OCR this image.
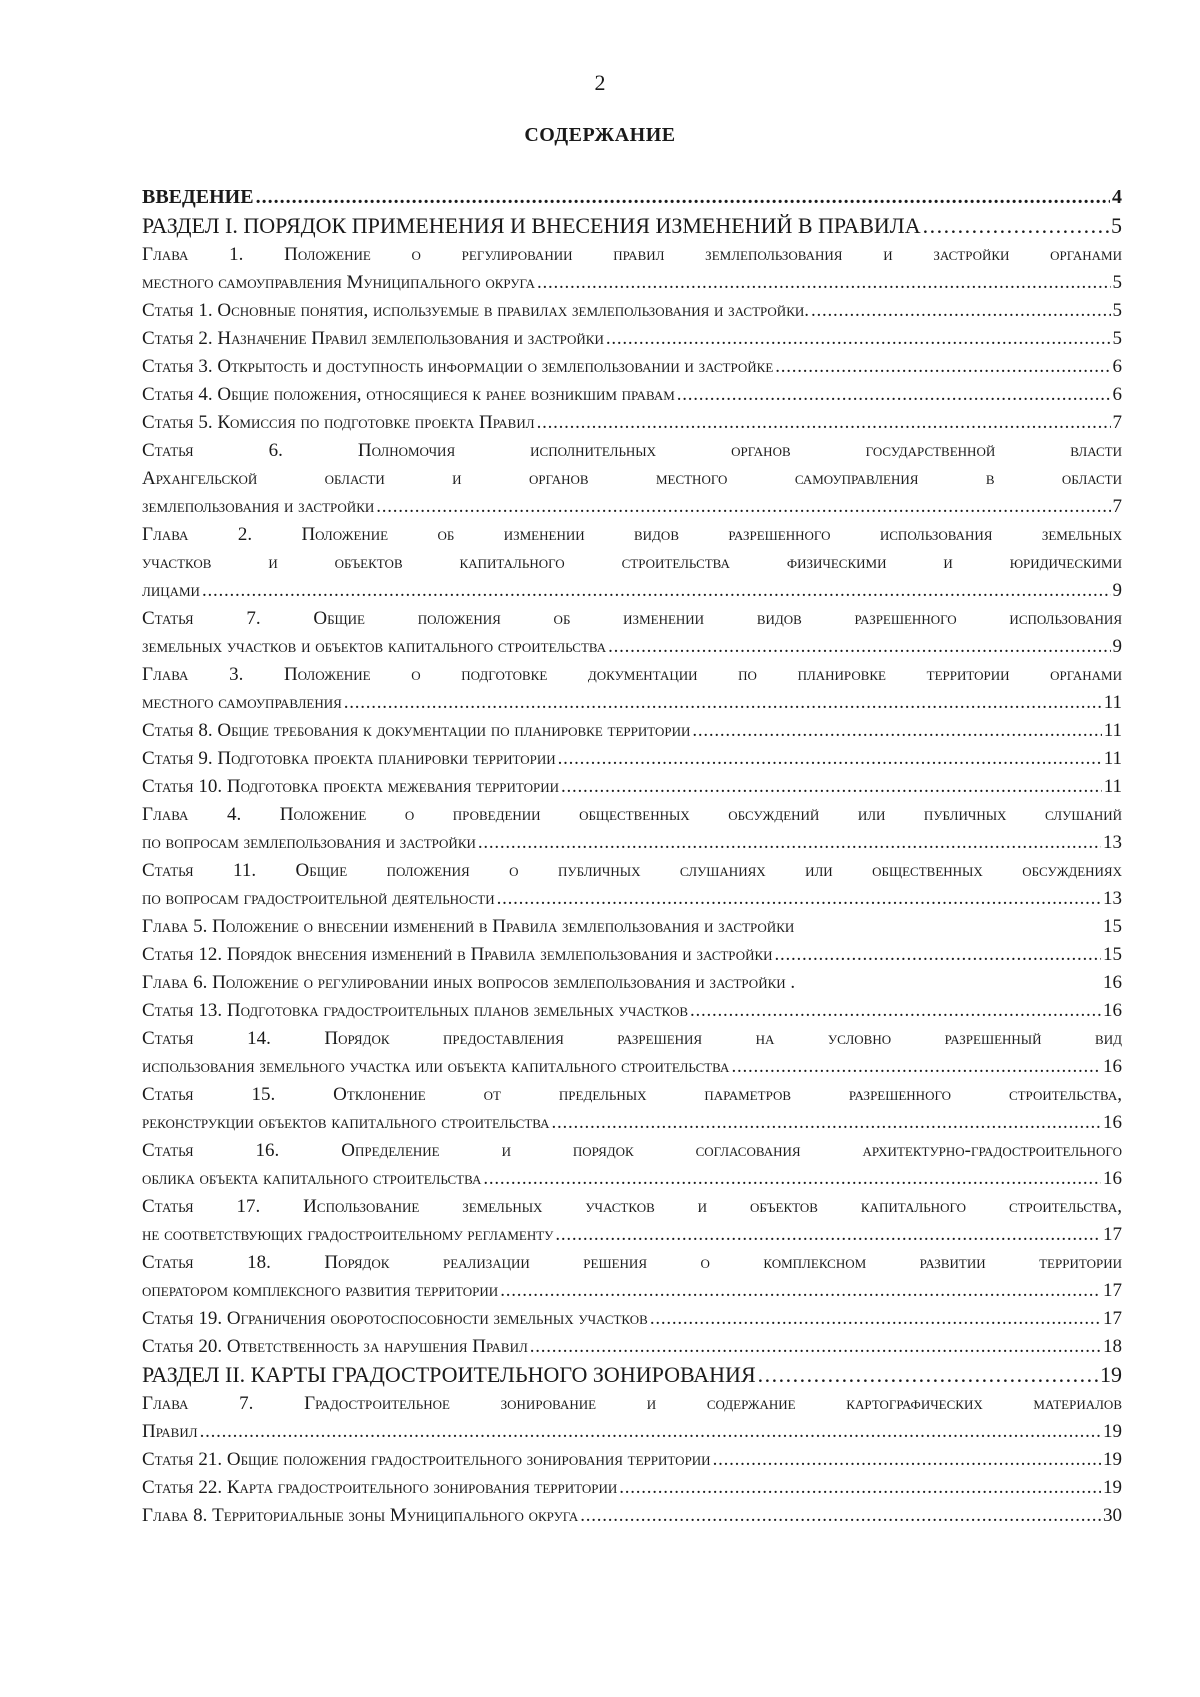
2
СОДЕРЖАНИЕ
ВВЕДЕНИЕ . . .	4
РАЗДЕЛ I. ПОРЯДОК ПРИМЕНЕНИЯ И ВНЕСЕНИЯ ИЗМЕНЕНИЙ В ПРАВИЛА . . .	5
Глава 1. Положение о регулировании правил землепользования и застройки органами
местного самоуправления Муниципального округа . . .	5
Статья 1. Основные понятия, используемые в правилах землепользования и застройки. . . .	5
Статья 2. Назначение Правил землепользования и застройки . . .	5
Статья 3. Открытость и доступность информации о землепользовании и застройке . . .	6
Статья 4. Общие положения, относящиеся к ранее возникшим правам . . .	6
Статья 5. Комиссия по подготовке проекта Правил . . .	7
Статья 6. Полномочия исполнительных органов государственной власти
Архангельской области и органов местного самоуправления в области
землепользования и застройки . . .	7
Глава 2. Положение об изменении видов разрешенного использования земельных
участков и объектов капитального строительства физическими и юридическими
лицами . . .	9
Статья 7. Общие положения об изменении видов разрешенного использования
земельных участков и объектов капитального строительства . . .	9
Глава 3. Положение о подготовке документации по планировке территории органами
местного самоуправления . . .	11
Статья 8. Общие требования к документации по планировке территории . . .	11
Статья 9. Подготовка проекта планировки территории . . .	11
Статья 10. Подготовка проекта межевания территории . . .	11
Глава 4. Положение о проведении общественных обсуждений или публичных слушаний
по вопросам землепользования и застройки . . .	13
Статья 11. Общие положения о публичных слушаниях или общественных обсуждениях
по вопросам градостроительной деятельности . . .	13
Глава 5. Положение о внесении изменений в Правила землепользования и застройки	15
Статья 12. Порядок внесения изменений в Правила землепользования и застройки . . .	15
Глава 6. Положение о регулировании иных вопросов землепользования и застройки .	16
Статья 13. Подготовка градостроительных планов земельных участков . . .	16
Статья 14. Порядок предоставления разрешения на условно разрешенный вид
использования земельного участка или объекта капитального строительства . . .	16
Статья 15. Отклонение от предельных параметров разрешенного строительства,
реконструкции объектов капитального строительства . . .	16
Статья 16. Определение и порядок согласования архитектурно-градостроительного
облика объекта капитального строительства . . .	16
Статья 17. Использование земельных участков и объектов капитального строительства,
не соответствующих градостроительному регламенту . . .	17
Статья 18. Порядок реализации решения о комплексном развитии территории
оператором комплексного развития территории . . .	17
Статья 19. Ограничения оборотоспособности земельных участков . . .	17
Статья 20. Ответственность за нарушения Правил . . .	18
РАЗДЕЛ II. КАРТЫ ГРАДОСТРОИТЕЛЬНОГО ЗОНИРОВАНИЯ . . .	19
Глава 7. Градостроительное зонирование и содержание картографических материалов
Правил . . .	19
Статья 21. Общие положения градостроительного зонирования территории . . .	19
Статья 22. Карта градостроительного зонирования территории . . .	19
Глава 8. Территориальные зоны Муниципального округа . . .	30
